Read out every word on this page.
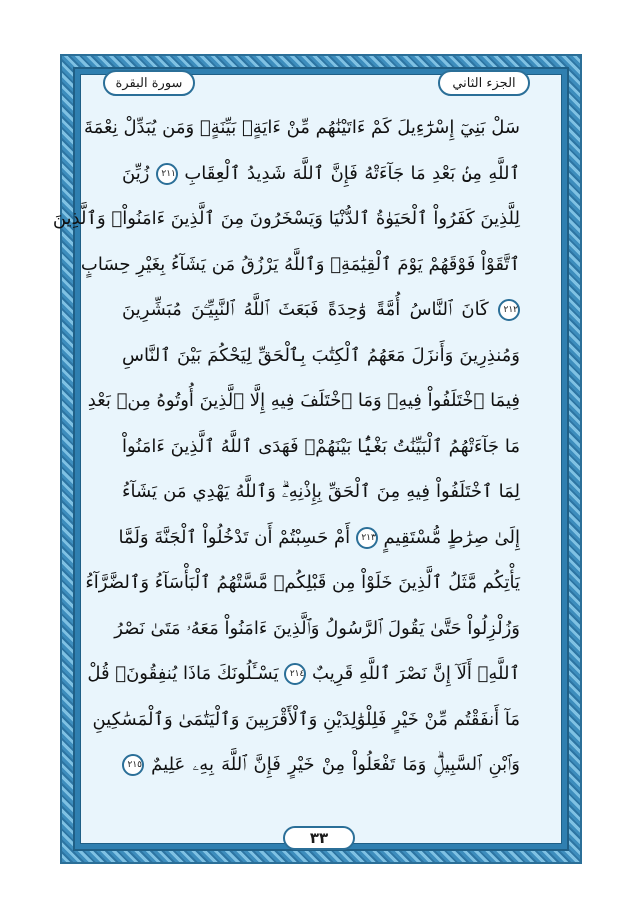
سورة البقرة	الجزء الثاني
سَلْ بَنِيٓ إِسْرَٰٓءِيلَ كَمْ ءَاتَيْنَٰهُم مِّنْ ءَايَةٍۭ بَيِّنَةٍۗ وَمَن يُبَدِّلْ نِعْمَةَ
ٱللَّهِ مِنۢ بَعْدِ مَا جَآءَتْهُ فَإِنَّ ٱللَّهَ شَدِيدُ ٱلْعِقَابِ ٢١١ زُيِّنَ
لِلَّذِينَ كَفَرُواْ ٱلْحَيَوٰةُ ٱلدُّنْيَا وَيَسْخَرُونَ مِنَ ٱلَّذِينَ ءَامَنُواْۘ وَٱلَّذِينَ
ٱتَّقَوْاْ فَوْقَهُمْ يَوْمَ ٱلْقِيَٰمَةِۗ وَٱللَّهُ يَرْزُقُ مَن يَشَآءُ بِغَيْرِ حِسَابٍ
٢١٢ كَانَ ٱلنَّاسُ أُمَّةً وَٰحِدَةً فَبَعَثَ ٱللَّهُ ٱلنَّبِيِّـۧنَ مُبَشِّرِينَ
وَمُنذِرِينَ وَأَنزَلَ مَعَهُمُ ٱلْكِتَٰبَ بِٱلْحَقِّ لِيَحْكُمَ بَيْنَ ٱلنَّاسِ
فِيمَا ٱخْتَلَفُواْ فِيهِۚ وَمَا ٱخْتَلَفَ فِيهِ إِلَّا ٱلَّذِينَ أُوتُوهُ مِنۢ بَعْدِ
مَا جَآءَتْهُمُ ٱلْبَيِّنَٰتُ بَغْيًۢا بَيْنَهُمْۖ فَهَدَى ٱللَّهُ ٱلَّذِينَ ءَامَنُواْ
لِمَا ٱخْتَلَفُواْ فِيهِ مِنَ ٱلْحَقِّ بِإِذْنِهِۦۗ وَٱللَّهُ يَهْدِي مَن يَشَآءُ
إِلَىٰ صِرَٰطٍ مُّسْتَقِيمٍ ٢١٣ أَمْ حَسِبْتُمْ أَن تَدْخُلُواْ ٱلْجَنَّةَ وَلَمَّا
يَأْتِكُم مَّثَلُ ٱلَّذِينَ خَلَوْاْ مِن قَبْلِكُمۖ مَّسَّتْهُمُ ٱلْبَأْسَآءُ وَٱلضَّرَّآءُ
وَزُلْزِلُواْ حَتَّىٰ يَقُولَ ٱلرَّسُولُ وَٱلَّذِينَ ءَامَنُواْ مَعَهُۥ مَتَىٰ نَصْرُ
ٱللَّهِۗ أَلَآ إِنَّ نَصْرَ ٱللَّهِ قَرِيبٌ ٢١٤ يَسْـَٔلُونَكَ مَاذَا يُنفِقُونَۖ قُلْ
مَآ أَنفَقْتُم مِّنْ خَيْرٍ فَلِلْوَٰلِدَيْنِ وَٱلْأَقْرَبِينَ وَٱلْيَتَٰمَىٰ وَٱلْمَسَٰكِينِ
وَٱبْنِ ٱلسَّبِيلِۗ وَمَا تَفْعَلُواْ مِنْ خَيْرٍ فَإِنَّ ٱللَّهَ بِهِۦ عَلِيمٌ ٢١٥
٣٣
